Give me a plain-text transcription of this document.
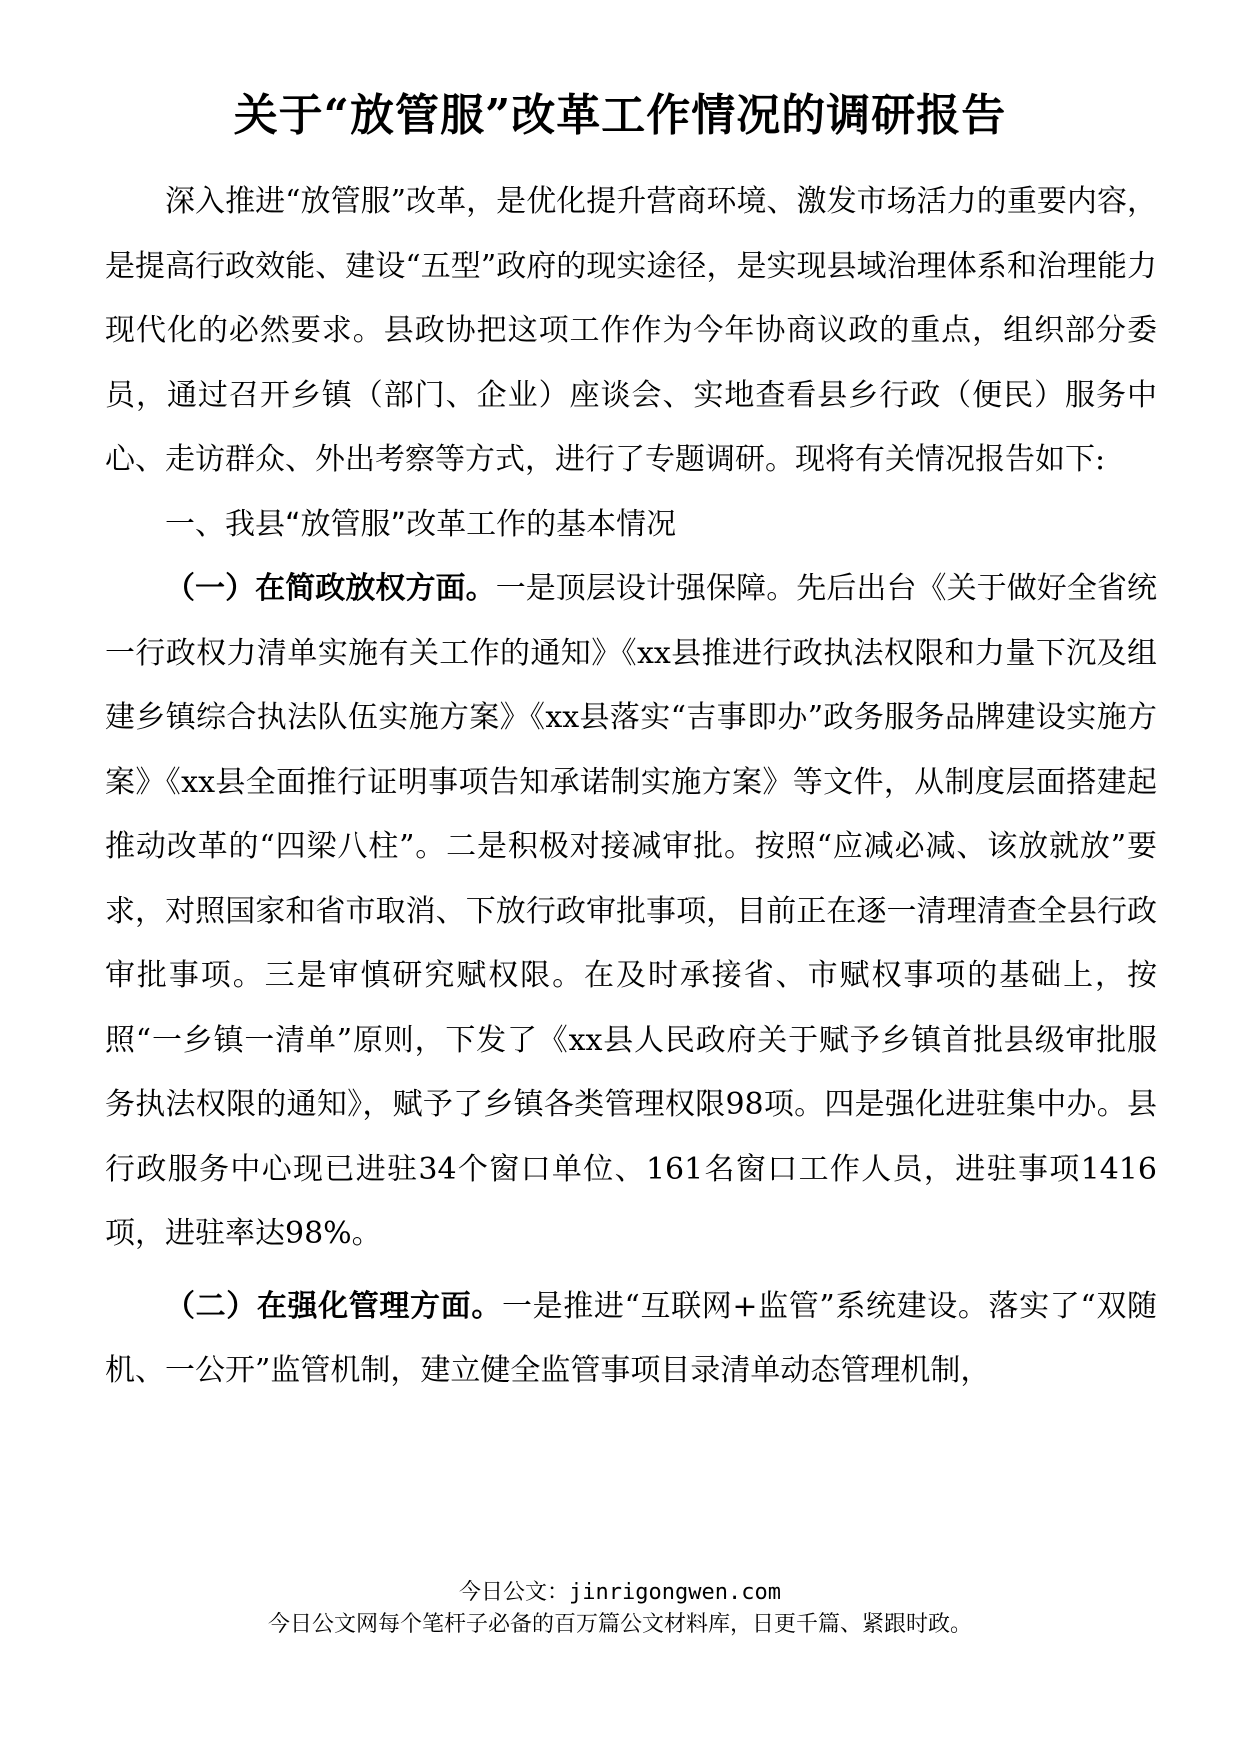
关于“放管服”改革工作情况的调研报告

深入推进“放管服”改革，是优化提升营商环境、激发市场活力的重要内容，是提高行政效能、建设“五型”政府的现实途径，是实现县域治理体系和治理能力现代化的必然要求。县政协把这项工作作为今年协商议政的重点，组织部分委员，通过召开乡镇（部门、企业）座谈会、实地查看县乡行政（便民）服务中心、走访群众、外出考察等方式，进行了专题调研。现将有关情况报告如下:

一、我县“放管服”改革工作的基本情况

（一）在简政放权方面。一是顶层设计强保障。先后出台《关于做好全省统一行政权力清单实施有关工作的通知》《xx县推进行政执法权限和力量下沉及组建乡镇综合执法队伍实施方案》《xx县落实“吉事即办”政务服务品牌建设实施方案》《xx县全面推行证明事项告知承诺制实施方案》等文件，从制度层面搭建起推动改革的“四梁八柱”。二是积极对接减审批。按照“应减必减、该放就放”要求，对照国家和省市取消、下放行政审批事项，目前正在逐一清理清查全县行政审批事项。三是审慎研究赋权限。在及时承接省、市赋权事项的基础上，按照“一乡镇一清单”原则，下发了《xx县人民政府关于赋予乡镇首批县级审批服务执法权限的通知》，赋予了乡镇各类管理权限98项。四是强化进驻集中办。县行政服务中心现已进驻34个窗口单位、161名窗口工作人员，进驻事项1416项，进驻率达98%。

（二）在强化管理方面。一是推进“互联网+监管”系统建设。落实了“双随机、一公开”监管机制，建立健全监管事项目录清单动态管理机制，

今日公文：jinrigongwen.com
今日公文网每个笔杆子必备的百万篇公文材料库，日更千篇、紧跟时政。
